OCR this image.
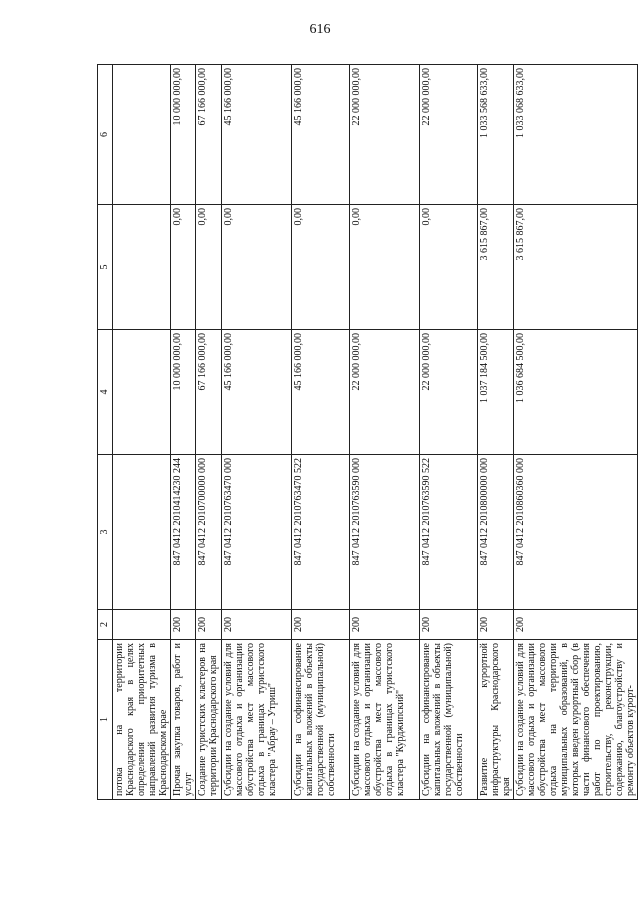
616
1	2	3	4	5	6
потока на территории Краснодарского края в целях определения приоритетных направлений развития туризма в Краснодарском крае					
Прочая закупка товаров, работ и услуг	200	847 0412 2010414230 244	10 000 000,00	0,00	10 000 000,00
Создание туристских кластеров на территории Краснодарского края	200	847 0412 2010700000 000	67 166 000,00	0,00	67 166 000,00
Субсидии на создание условий для массового отдыха и организации обустройства мест массового отдыха в границах туристского кластера "Абрау – Утриш"	200	847 0412 2010763470 000	45 166 000,00	0,00	45 166 000,00
Субсидии на софинансирование капитальных вложений в объекты государственной (муниципальной) собственности	200	847 0412 2010763470 522	45 166 000,00	0,00	45 166 000,00
Субсидии на создание условий для массового отдыха и организации обустройства мест массового отдыха в границах туристского кластера "Курджипский"	200	847 0412 2010763590 000	22 000 000,00	0,00	22 000 000,00
Субсидии на софинансирование капитальных вложений в объекты государственной (муниципальной) собственности	200	847 0412 2010763590 522	22 000 000,00	0,00	22 000 000,00
Развитие курортной инфраструктуры Краснодарского края	200	847 0412 2010800000 000	1 037 184 500,00	3 615 867,00	1 033 568 633,00
Субсидии на создание условий для массового отдыха и организации обустройства мест массового отдыха на территории муниципальных образований, в которых введен курортный сбор (в части финансового обеспечения работ по проектированию, строительству, реконструкции, содержанию, благоустройству и ремонту объектов курорт-	200	847 0412 2010860360 000	1 036 684 500,00	3 615 867,00	1 033 068 633,00
